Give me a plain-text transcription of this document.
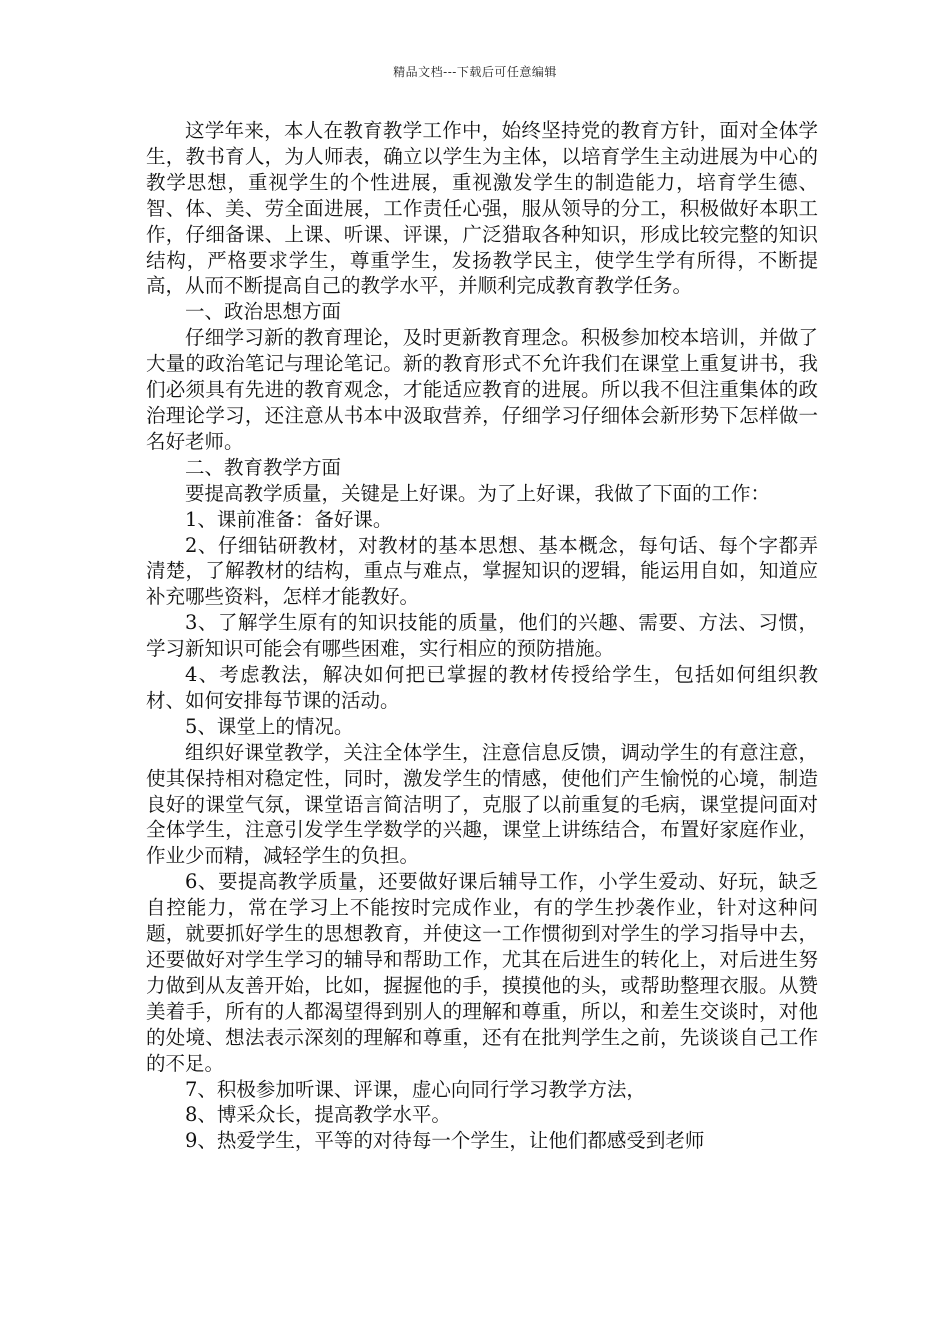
精品文档---下载后可任意编辑

这学年来，本人在教育教学工作中，始终坚持党的教育方针，面对全体学生，教书育人，为人师表，确立以学生为主体，以培育学生主动进展为中心的教学思想，重视学生的个性进展，重视激发学生的制造能力，培育学生德、智、体、美、劳全面进展，工作责任心强，服从领导的分工，积极做好本职工作，仔细备课、上课、听课、评课，广泛猎取各种知识，形成比较完整的知识结构，严格要求学生，尊重学生，发扬教学民主，使学生学有所得，不断提高，从而不断提高自己的教学水平，并顺利完成教育教学任务。

一、政治思想方面

仔细学习新的教育理论，及时更新教育理念。积极参加校本培训，并做了大量的政治笔记与理论笔记。新的教育形式不允许我们在课堂上重复讲书，我们必须具有先进的教育观念，才能适应教育的进展。所以我不但注重集体的政治理论学习，还注意从书本中汲取营养，仔细学习仔细体会新形势下怎样做一名好老师。

二、教育教学方面

要提高教学质量，关键是上好课。为了上好课，我做了下面的工作：

1、课前准备：备好课。

2、仔细钻研教材，对教材的基本思想、基本概念，每句话、每个字都弄清楚，了解教材的结构，重点与难点，掌握知识的逻辑，能运用自如，知道应补充哪些资料，怎样才能教好。

3、了解学生原有的知识技能的质量，他们的兴趣、需要、方法、习惯，学习新知识可能会有哪些困难，实行相应的预防措施。

4、考虑教法，解决如何把已掌握的教材传授给学生，包括如何组织教材、如何安排每节课的活动。

5、课堂上的情况。

组织好课堂教学，关注全体学生，注意信息反馈，调动学生的有意注意，使其保持相对稳定性，同时，激发学生的情感，使他们产生愉悦的心境，制造良好的课堂气氛，课堂语言简洁明了，克服了以前重复的毛病，课堂提问面对全体学生，注意引发学生学数学的兴趣，课堂上讲练结合，布置好家庭作业，作业少而精，减轻学生的负担。

6、要提高教学质量，还要做好课后辅导工作，小学生爱动、好玩，缺乏自控能力，常在学习上不能按时完成作业，有的学生抄袭作业，针对这种问题，就要抓好学生的思想教育，并使这一工作惯彻到对学生的学习指导中去，还要做好对学生学习的辅导和帮助工作，尤其在后进生的转化上，对后进生努力做到从友善开始，比如，握握他的手，摸摸他的头，或帮助整理衣服。从赞美着手，所有的人都渴望得到别人的理解和尊重，所以，和差生交谈时，对他的处境、想法表示深刻的理解和尊重，还有在批判学生之前，先谈谈自己工作的不足。

7、积极参加听课、评课，虚心向同行学习教学方法，

8、博采众长，提高教学水平。

9、热爱学生，平等的对待每一个学生，让他们都感受到老师
